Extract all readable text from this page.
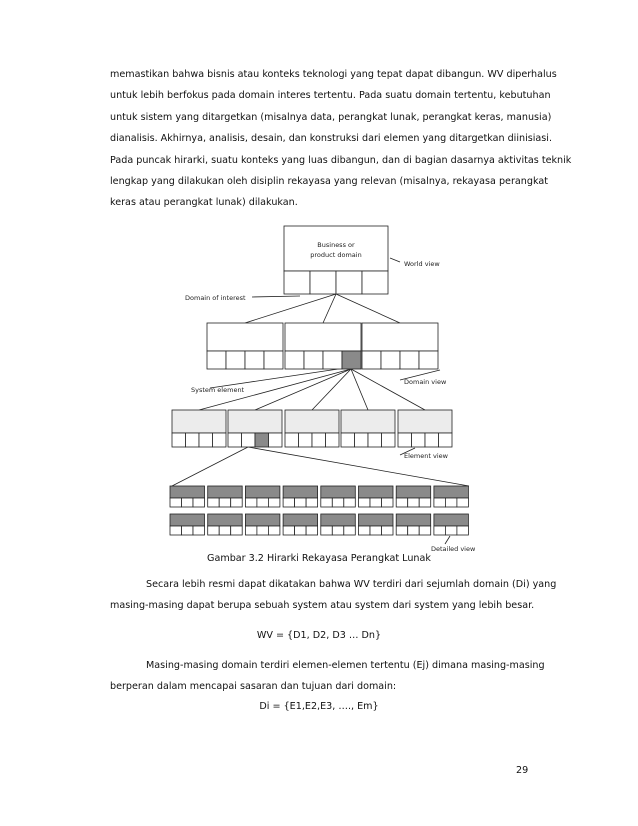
memastikan bahwa bisnis atau konteks teknologi yang tepat dapat dibangun. WV diperhalus
untuk lebih berfokus pada domain interes tertentu. Pada suatu domain tertentu, kebutuhan
untuk sistem yang ditargetkan (misalnya data, perangkat lunak, perangkat keras, manusia)
dianalisis. Akhirnya, analisis, desain, dan konstruksi dari elemen yang ditargetkan diinisiasi.
Pada puncak hirarki, suatu konteks yang luas dibangun, dan di bagian dasarnya aktivitas teknik
lengkap yang dilakukan oleh disiplin rekayasa yang relevan (misalnya, rekayasa perangkat
keras atau perangkat lunak) dilakukan.
Business or
product domain
World view
Domain of interest
Domain view
System element
Element view
Detailed view
Gambar 3.2 Hirarki Rekayasa Perangkat Lunak
Secara lebih resmi dapat dikatakan bahwa WV terdiri dari sejumlah domain (Di) yang
masing-masing dapat berupa sebuah system atau system dari system yang lebih besar.
WV = {D1, D2, D3 … Dn}
Masing-masing domain terdiri elemen-elemen tertentu (Ej) dimana masing-masing
berperan dalam mencapai sasaran dan tujuan dari domain:
Di = {E1,E2,E3, …., Em}
29
